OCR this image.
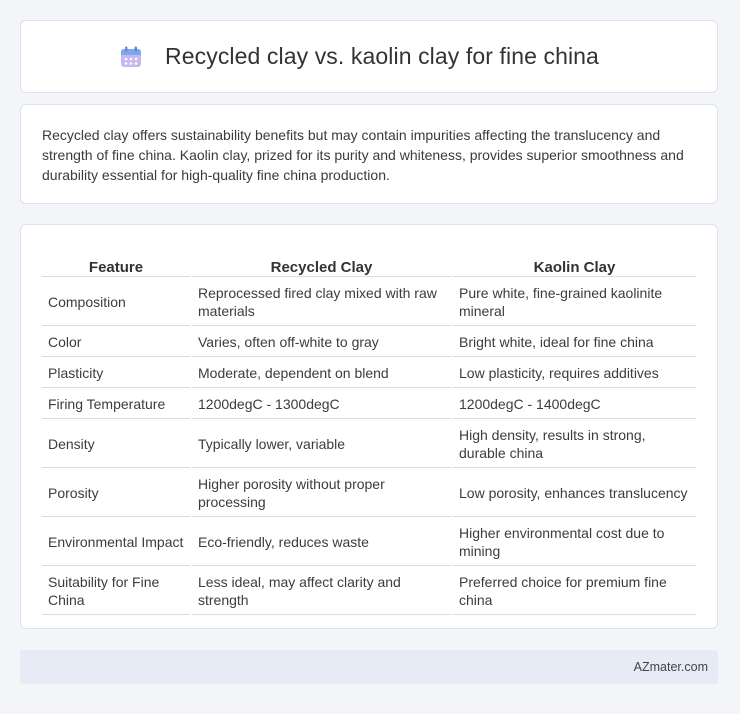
Recycled clay vs. kaolin clay for fine china

Recycled clay offers sustainability benefits but may contain impurities affecting the translucency and strength of fine china. Kaolin clay, prized for its purity and whiteness, provides superior smoothness and durability essential for high-quality fine china production.

Feature	Recycled Clay	Kaolin Clay
Composition	Reprocessed fired clay mixed with raw materials	Pure white, fine-grained kaolinite mineral
Color	Varies, often off-white to gray	Bright white, ideal for fine china
Plasticity	Moderate, dependent on blend	Low plasticity, requires additives
Firing Temperature	1200degC - 1300degC	1200degC - 1400degC
Density	Typically lower, variable	High density, results in strong, durable china
Porosity	Higher porosity without proper processing	Low porosity, enhances translucency
Environmental Impact	Eco-friendly, reduces waste	Higher environmental cost due to mining
Suitability for Fine China	Less ideal, may affect clarity and strength	Preferred choice for premium fine china
AZmater.com
